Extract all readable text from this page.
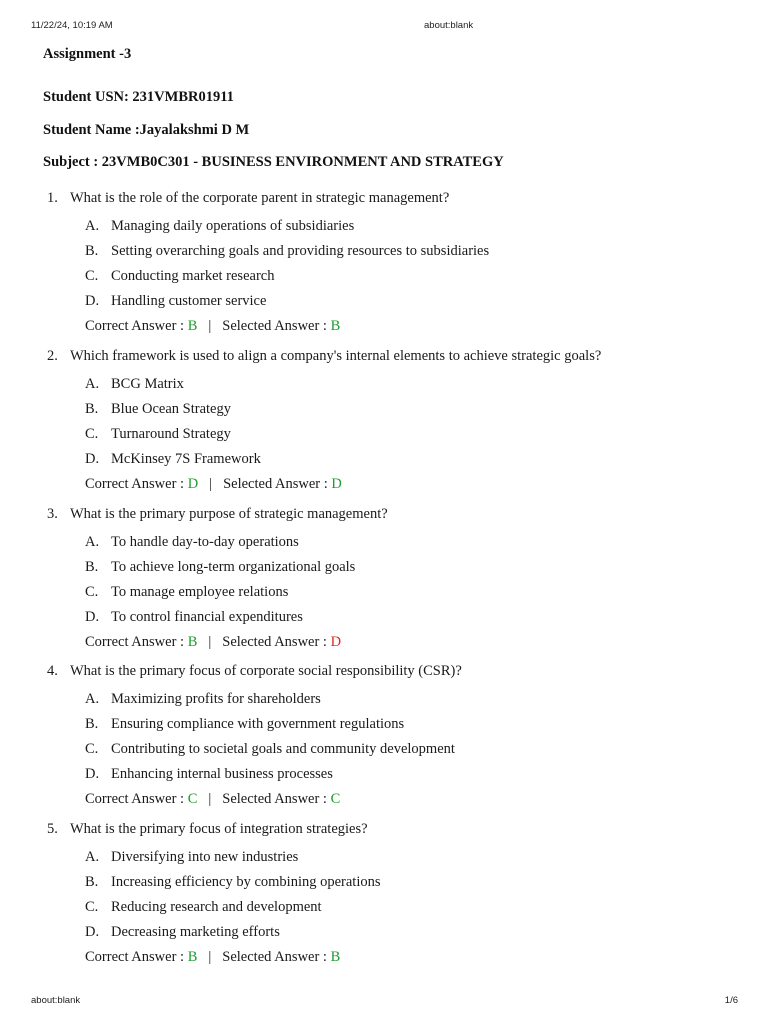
11/22/24, 10:19 AM	about:blank
Assignment -3
Student USN: 231VMBR01911
Student Name :Jayalakshmi D M
Subject : 23VMB0C301 - BUSINESS ENVIRONMENT AND STRATEGY
1. What is the role of the corporate parent in strategic management?
A. Managing daily operations of subsidiaries
B. Setting overarching goals and providing resources to subsidiaries
C. Conducting market research
D. Handling customer service
Correct Answer : B | Selected Answer : B
2. Which framework is used to align a company's internal elements to achieve strategic goals?
A. BCG Matrix
B. Blue Ocean Strategy
C. Turnaround Strategy
D. McKinsey 7S Framework
Correct Answer : D | Selected Answer : D
3. What is the primary purpose of strategic management?
A. To handle day-to-day operations
B. To achieve long-term organizational goals
C. To manage employee relations
D. To control financial expenditures
Correct Answer : B | Selected Answer : D
4. What is the primary focus of corporate social responsibility (CSR)?
A. Maximizing profits for shareholders
B. Ensuring compliance with government regulations
C. Contributing to societal goals and community development
D. Enhancing internal business processes
Correct Answer : C | Selected Answer : C
5. What is the primary focus of integration strategies?
A. Diversifying into new industries
B. Increasing efficiency by combining operations
C. Reducing research and development
D. Decreasing marketing efforts
Correct Answer : B | Selected Answer : B
about:blank	1/6
